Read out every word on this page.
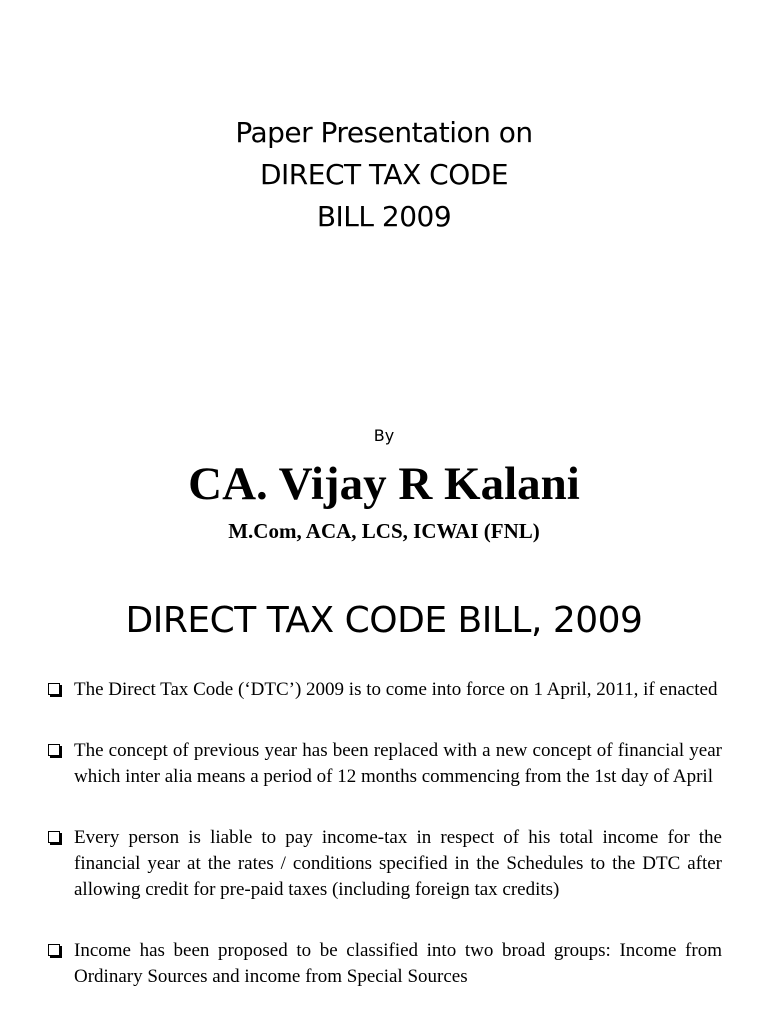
Paper Presentation on
DIRECT TAX CODE
BILL 2009
By
CA. Vijay R Kalani
M.Com, ACA, LCS, ICWAI (FNL)
DIRECT TAX CODE BILL, 2009
The Direct Tax Code (‘DTC’) 2009 is to come into force on 1 April, 2011, if enacted
The concept of previous year has been replaced with a new concept of financial year which inter alia means a period of 12 months commencing from the 1st day of April
Every person is liable to pay income-tax in respect of his total income for the financial year at the rates / conditions specified in the Schedules to the DTC after allowing credit for pre-paid taxes (including foreign tax credits)
Income has been proposed to be classified into two broad groups: Income from Ordinary Sources and income from Special Sources
